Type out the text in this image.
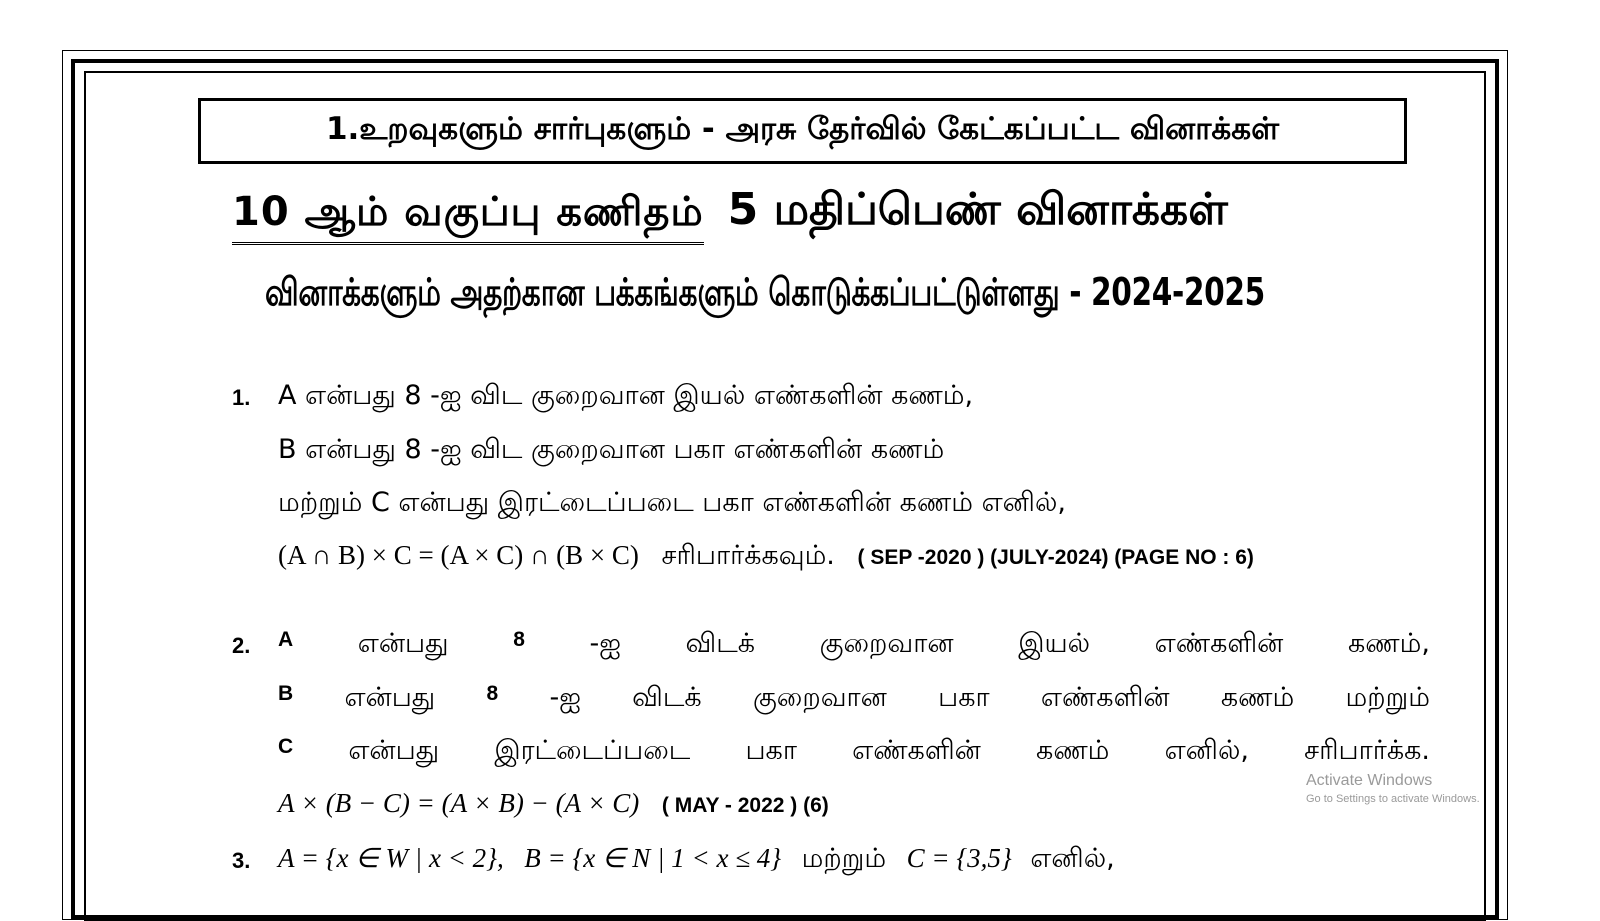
1.உறவுகளும் சார்புகளும் - அரசு தேர்வில் கேட்கப்பட்ட வினாக்கள்
10 ஆம் வகுப்பு கணிதம் 5 மதிப்பெண் வினாக்கள்
வினாக்களும் அதற்கான பக்கங்களும் கொடுக்கப்பட்டுள்ளது - 2024-2025
1. A என்பது 8 -ஐ விட குறைவான இயல் எண்களின் கணம்,
B என்பது 8 -ஐ விட குறைவான பகா எண்களின் கணம்
மற்றும் C என்பது இரட்டைப்படை பகா எண்களின் கணம் எனில்,
(A ∩ B) × C = (A × C) ∩ (B × C) சரிபார்க்கவும். ( SEP -2020 ) (JULY-2024) (PAGE NO : 6)
2. A என்பது	8 -ஐ விடக் குறைவான இயல் எண்களின் கணம்,
B என்பது 8 -ஐ விடக் குறைவான பகா எண்களின் கணம் மற்றும்
C என்பது இரட்டைப்படை பகா எண்களின் கணம் எனில், சரிபார்க்க.
A × (B − C) = (A × B) − (A × C) ( MAY - 2022 ) (6)
3. A = {x ∈ W | x < 2}, B = {x ∈ N | 1 < x ≤ 4} மற்றும் C = {3,5} எனில்,
Activate Windows
Go to Settings to activate Windows.
